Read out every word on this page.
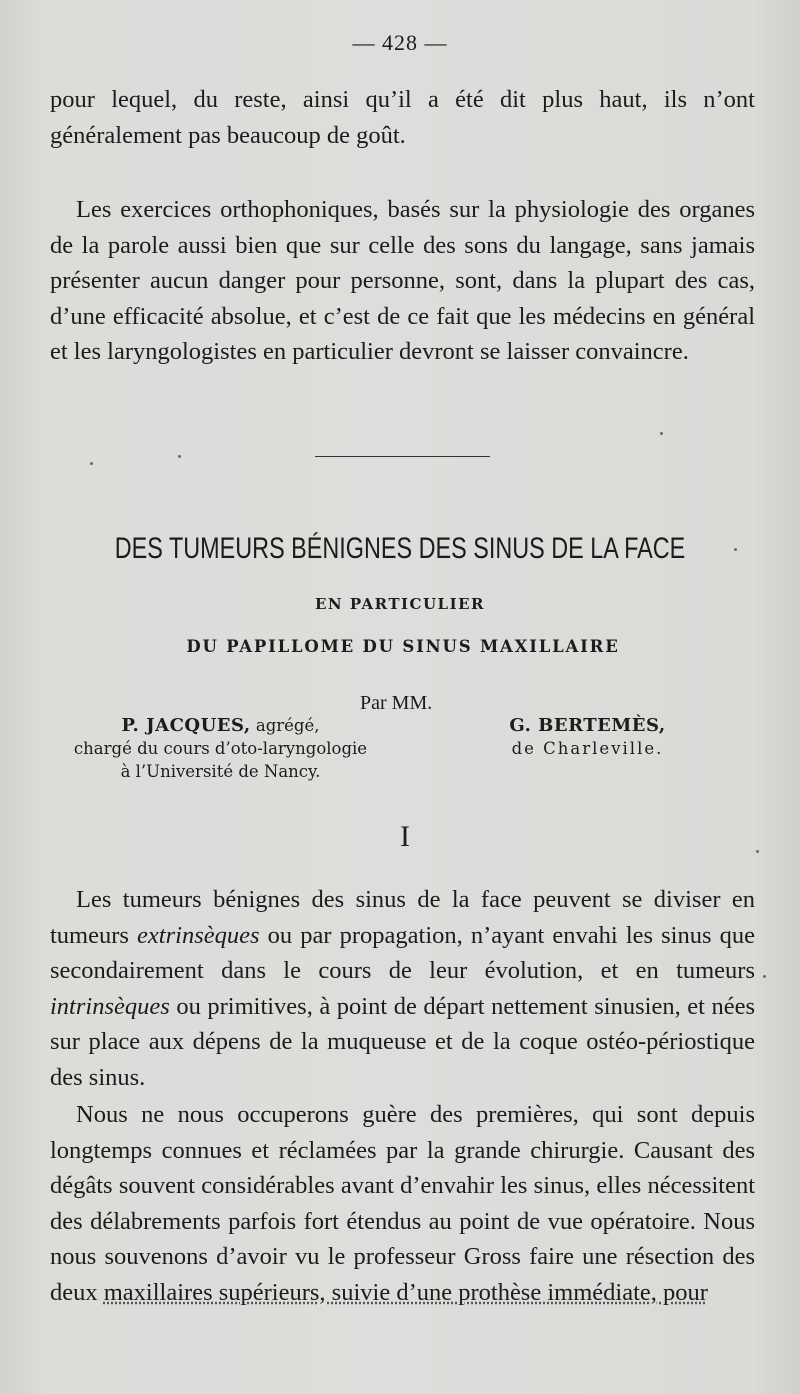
— 428 —

pour lequel, du reste, ainsi qu’il a été dit plus haut, ils n’ont généralement pas beaucoup de goût.

Les exercices orthophoniques, basés sur la physiologie des organes de la parole aussi bien que sur celle des sons du langage, sans jamais présenter aucun danger pour personne, sont, dans la plupart des cas, d’une efficacité absolue, et c’est de ce fait que les médecins en général et les laryngologistes en particulier devront se laisser convaincre.

DES TUMEURS BÉNIGNES DES SINUS DE LA FACE
EN PARTICULIER
DU PAPILLOME DU SINUS MAXILLAIRE
Par MM.
P. JACQUES, agrégé,
chargé du cours d’oto-laryngologie
à l’Université de Nancy.
G. BERTEMÈS,
de Charleville.
I

Les tumeurs bénignes des sinus de la face peuvent se diviser en tumeurs extrinsèques ou par propagation, n’ayant envahi les sinus que secondairement dans le cours de leur évolution, et en tumeurs intrinsèques ou primitives, à point de départ nettement sinusien, et nées sur place aux dépens de la muqueuse et de la coque ostéo-périostique des sinus.

Nous ne nous occuperons guère des premières, qui sont depuis longtemps connues et réclamées par la grande chirurgie. Causant des dégâts souvent considérables avant d’envahir les sinus, elles nécessitent des délabrements parfois fort étendus au point de vue opératoire. Nous nous souvenons d’avoir vu le professeur Gross faire une résection des deux maxillaires supérieurs, suivie d’une prothèse immédiate, pour
